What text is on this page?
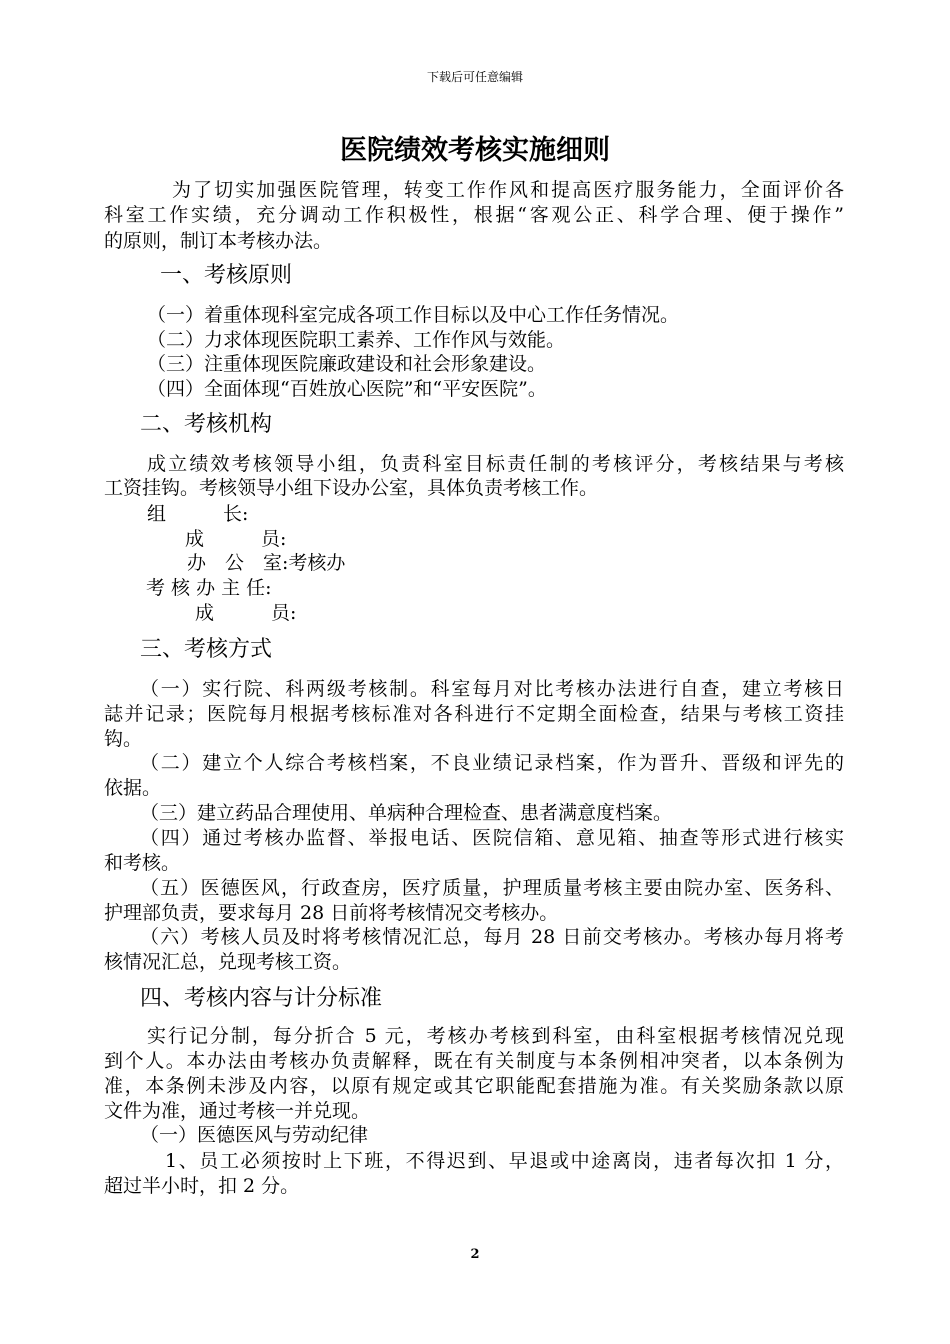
下载后可任意编辑
医院绩效考核实施细则
为了切实加强医院管理，转变工作作风和提高医疗服务能力，全面评价各
科室工作实绩，充分调动工作积极性，根据“客观公正、科学合理、便于操作”
的原则，制订本考核办法。
一、考核原则
（一）着重体现科室完成各项工作目标以及中心工作任务情况。
（二）力求体现医院职工素养、工作作风与效能。
（三）注重体现医院廉政建设和社会形象建设。
（四）全面体现“百姓放心医院”和“平安医院”。
二、考核机构
成立绩效考核领导小组，负责科室目标责任制的考核评分，考核结果与考核
工资挂钩。考核领导小组下设办公室，具体负责考核工作。
组　　　长:
成　　　员:
办　公　室:考核办
考 核 办 主 任:
成　　　员:
三、考核方式
（一）实行院、科两级考核制。科室每月对比考核办法进行自查，建立考核日
誌并记录；医院每月根据考核标准对各科进行不定期全面检查，结果与考核工资挂
钩。
（二）建立个人综合考核档案，不良业绩记录档案，作为晋升、晋级和评先的
依据。
（三）建立药品合理使用、单病种合理检查、患者满意度档案。
（四）通过考核办监督、举报电话、医院信箱、意见箱、抽查等形式进行核实
和考核。
（五）医德医风，行政查房，医疗质量，护理质量考核主要由院办室、医务科、
护理部负责，要求每月 28 日前将考核情况交考核办。
（六）考核人员及时将考核情况汇总，每月 28 日前交考核办。考核办每月将考
核情况汇总，兑现考核工资。
四、考核内容与计分标准
实行记分制，每分折合 5 元，考核办考核到科室，由科室根据考核情况兑现
到个人。本办法由考核办负责解释，既在有关制度与本条例相冲突者，以本条例为
准，本条例未涉及内容，以原有规定或其它职能配套措施为准。有关奖励条款以原
文件为准，通过考核一并兑现。
（一）医德医风与劳动纪律
1、员工必须按时上下班，不得迟到、早退或中途离岗，违者每次扣 1 分，
超过半小时，扣 2 分。
2
